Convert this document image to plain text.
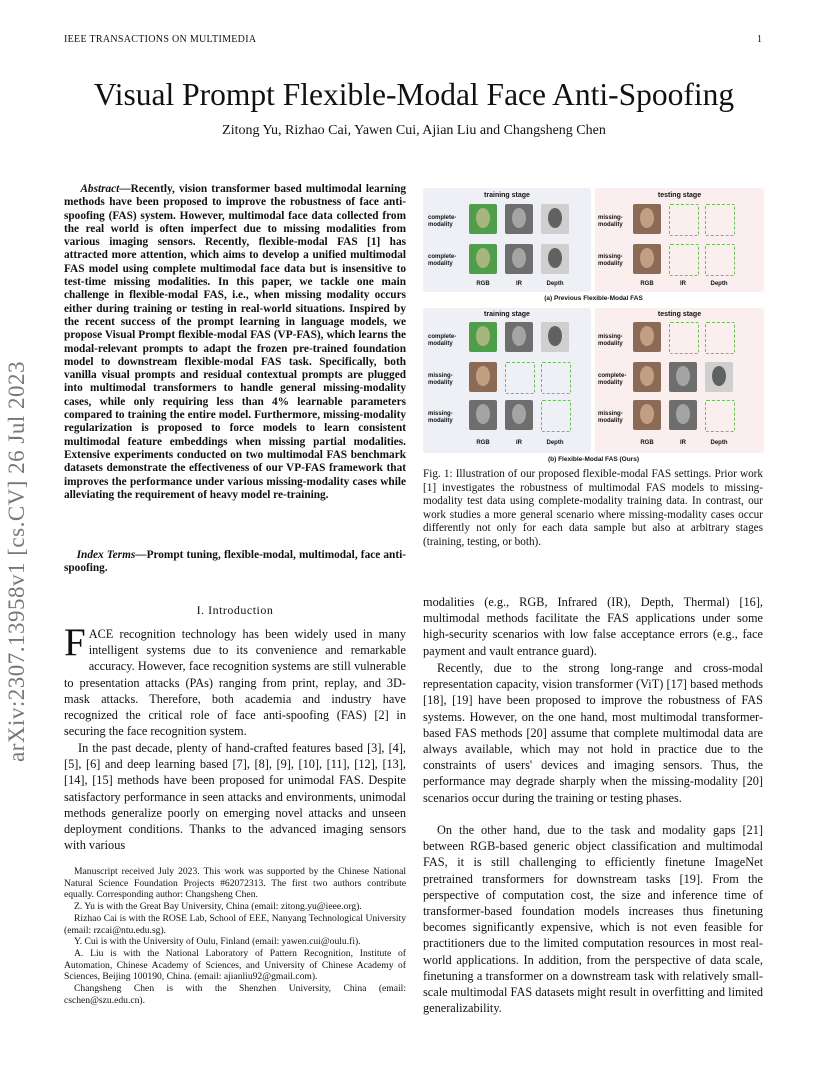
IEEE TRANSACTIONS ON MULTIMEDIA	1
arXiv:2307.13958v1 [cs.CV] 26 Jul 2023
Visual Prompt Flexible-Modal Face Anti-Spoofing
Zitong Yu, Rizhao Cai, Yawen Cui, Ajian Liu and Changsheng Chen
Abstract—Recently, vision transformer based multimodal learning methods have been proposed to improve the robustness of face anti-spoofing (FAS) system. However, multimodal face data collected from the real world is often imperfect due to missing modalities from various imaging sensors. Recently, flexible-modal FAS [1] has attracted more attention, which aims to develop a unified multimodal FAS model using complete multimodal face data but is insensitive to test-time missing modalities. In this paper, we tackle one main challenge in flexible-modal FAS, i.e., when missing modality occurs either during training or testing in real-world situations. Inspired by the recent success of the prompt learning in language models, we propose Visual Prompt flexible-modal FAS (VP-FAS), which learns the modal-relevant prompts to adapt the frozen pre-trained foundation model to downstream flexible-modal FAS task. Specifically, both vanilla visual prompts and residual contextual prompts are plugged into multimodal transformers to handle general missing-modality cases, while only requiring less than 4% learnable parameters compared to training the entire model. Furthermore, missing-modality regularization is proposed to force models to learn consistent multimodal feature embeddings when missing partial modalities. Extensive experiments conducted on two multimodal FAS benchmark datasets demonstrate the effectiveness of our VP-FAS framework that improves the performance under various missing-modality cases while alleviating the requirement of heavy model re-training.
Index Terms—Prompt tuning, flexible-modal, multimodal, face anti-spoofing.
I. Introduction
FACE recognition technology has been widely used in many intelligent systems due to its convenience and remarkable accuracy. However, face recognition systems are still vulnerable to presentation attacks (PAs) ranging from print, replay, and 3D-mask attacks. Therefore, both academia and industry have recognized the critical role of face anti-spoofing (FAS) [2] in securing the face recognition system.
In the past decade, plenty of hand-crafted features based [3], [4], [5], [6] and deep learning based [7], [8], [9], [10], [11], [12], [13], [14], [15] methods have been proposed for unimodal FAS. Despite satisfactory performance in seen attacks and environments, unimodal methods generalize poorly on emerging novel attacks and unseen deployment conditions. Thanks to the advanced imaging sensors with various

Manuscript received July 2023. This work was supported by the Chinese National Natural Science Foundation Projects #62072313. The first two authors contribute equally. Corresponding author: Changsheng Chen.

Z. Yu is with the Great Bay University, China (email: zitong.yu@ieee.org).

Rizhao Cai is with the ROSE Lab, School of EEE, Nanyang Technological University (email: rzcai@ntu.edu.sg).

Y. Cui is with the University of Oulu, Finland (email: yawen.cui@oulu.fi).

A. Liu is with the National Laboratory of Pattern Recognition, Institute of Automation, Chinese Academy of Sciences, and University of Chinese Academy of Sciences, Beijing 100190, China. (email: ajianliu92@gmail.com).

Changsheng Chen is with the Shenzhen University, China (email: cschen@szu.edu.cn).

training stage	testing stage
complete-modality
complete-modality
missing-modality
missing-modality
RGB	IR	Depth	RGB	IR	Depth
(a) Previous Flexible-Modal FAS
training stage	testing stage
complete-modality
missing-modality
missing-modality
missing-modality
complete-modality
missing-modality
RGB	IR	Depth	RGB	IR	Depth
(b) Flexible-Modal FAS (Ours)
Fig. 1: Illustration of our proposed flexible-modal FAS settings. Prior work [1] investigates the robustness of multimodal FAS models to missing-modality test data using complete-modality training data. In contrast, our work studies a more general scenario where missing-modality cases occur differently not only for each data sample but also at arbitrary stages (training, testing, or both).
modalities (e.g., RGB, Infrared (IR), Depth, Thermal) [16], multimodal methods facilitate the FAS applications under some high-security scenarios with low false acceptance errors (e.g., face payment and vault entrance guard).
Recently, due to the strong long-range and cross-modal representation capacity, vision transformer (ViT) [17] based methods [18], [19] have been proposed to improve the robustness of FAS systems. However, on the one hand, most multimodal transformer-based FAS methods [20] assume that complete multimodal data are always available, which may not hold in practice due to the constraints of users' devices and imaging sensors. Thus, the performance may degrade sharply when the missing-modality [20] scenarios occur during the training or testing phases.
On the other hand, due to the task and modality gaps [21] between RGB-based generic object classification and multimodal FAS, it is still challenging to efficiently finetune ImageNet pretrained transformers for downstream tasks [19]. From the perspective of computation cost, the size and inference time of transformer-based foundation models increases thus finetuning becomes significantly expensive, which is not even feasible for practitioners due to the limited computation resources in most real-world applications. In addition, from the perspective of data scale, finetuning a transformer on a downstream task with relatively small-scale multimodal FAS datasets might result in overfitting and limited generalizability.
